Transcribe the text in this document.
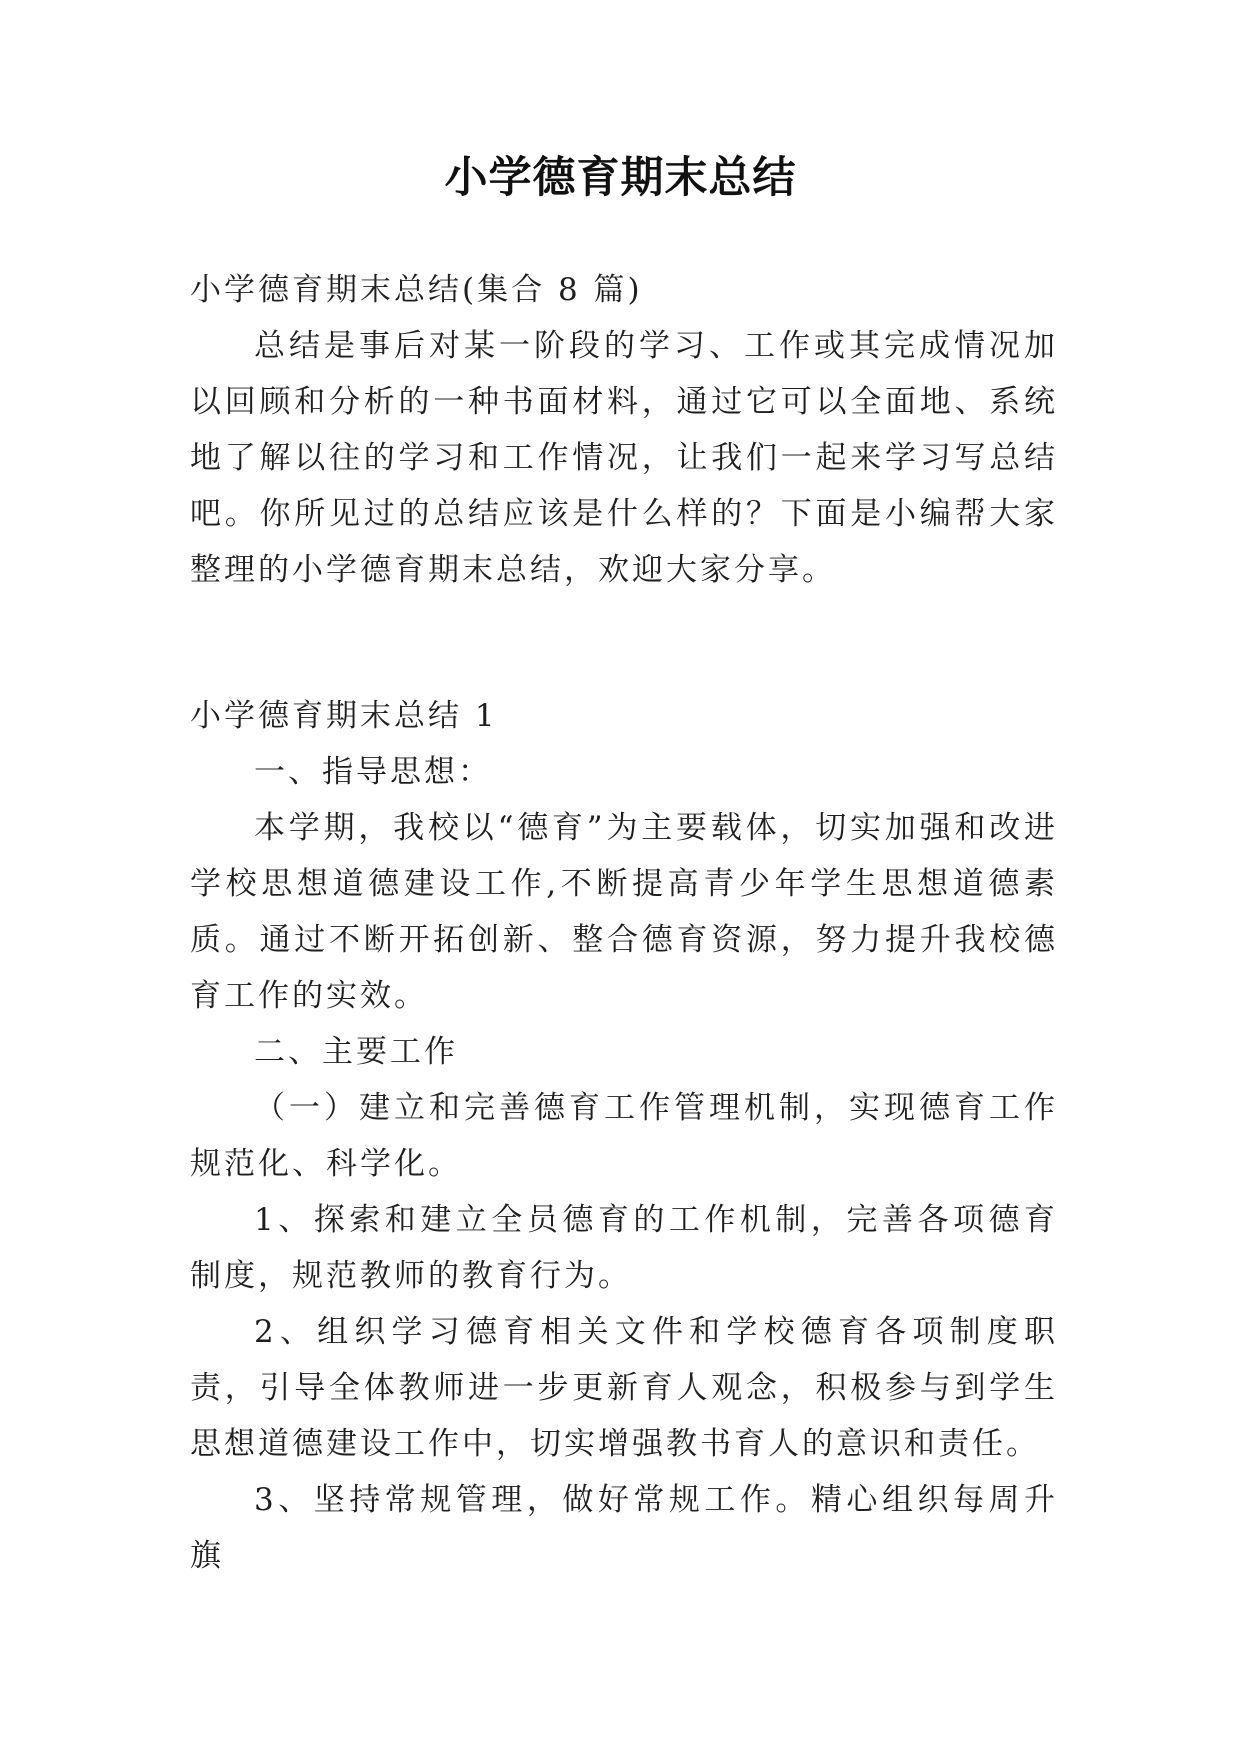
小学德育期末总结

小学德育期末总结(集合 8 篇)

总结是事后对某一阶段的学习、工作或其完成情况加以回顾和分析的一种书面材料，通过它可以全面地、系统地了解以往的学习和工作情况，让我们一起来学习写总结吧。你所见过的总结应该是什么样的？下面是小编帮大家整理的小学德育期末总结，欢迎大家分享。

小学德育期末总结 1

一、指导思想：

本学期，我校以“德育”为主要载体，切实加强和改进学校思想道德建设工作,不断提高青少年学生思想道德素质。通过不断开拓创新、整合德育资源，努力提升我校德育工作的实效。

二、主要工作

（一）建立和完善德育工作管理机制，实现德育工作规范化、科学化。

1、探索和建立全员德育的工作机制，完善各项德育制度，规范教师的教育行为。

2、组织学习德育相关文件和学校德育各项制度职责，引导全体教师进一步更新育人观念，积极参与到学生思想道德建设工作中，切实增强教书育人的意识和责任。

3、坚持常规管理，做好常规工作。精心组织每周升旗
